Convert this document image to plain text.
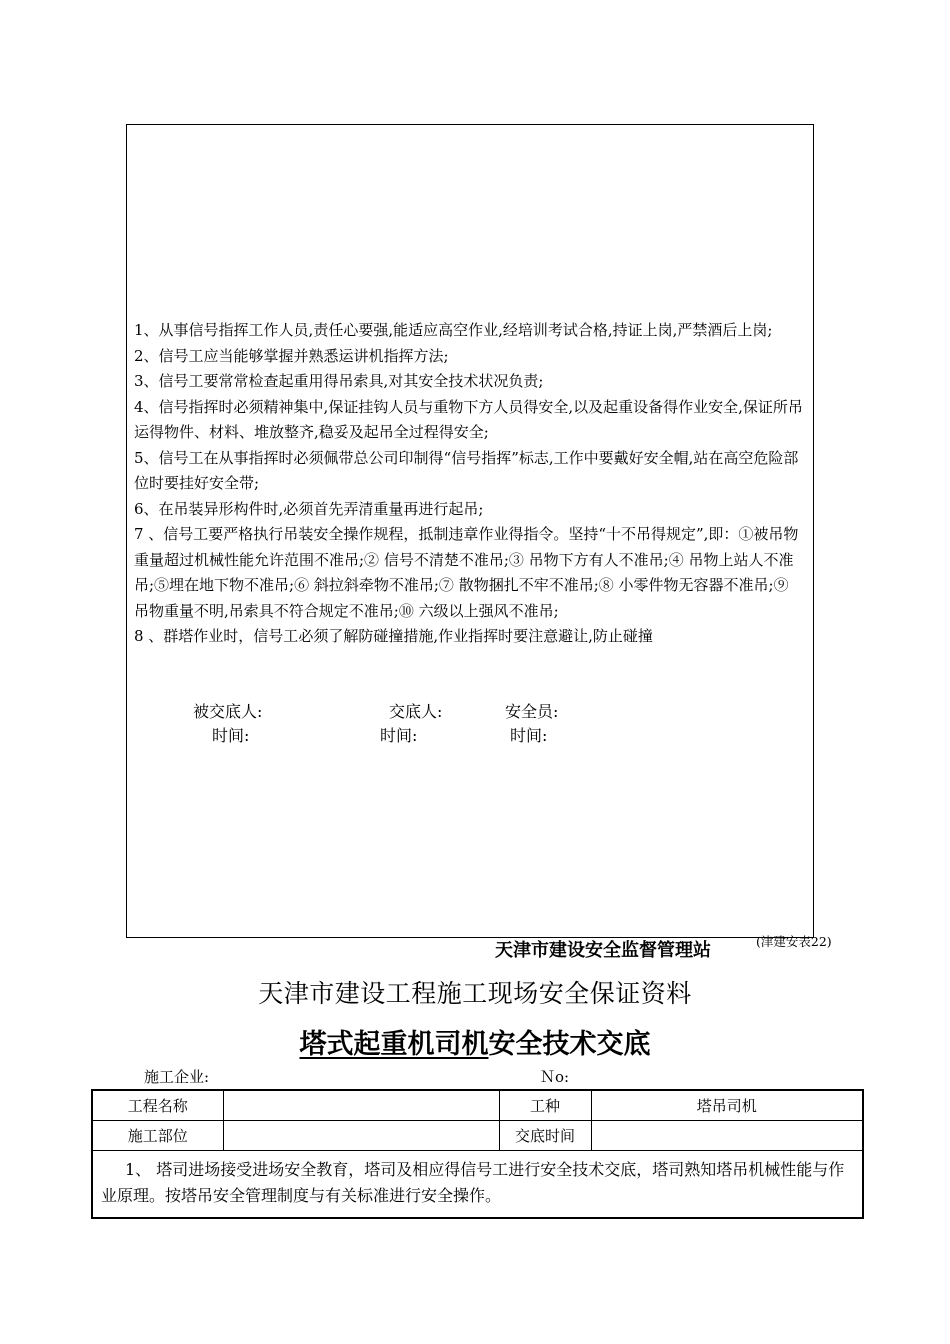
1、从事信号指挥工作人员,责任心要强,能适应高空作业,经培训考试合格,持证上岗,严禁酒后上岗;

2、信号工应当能够掌握并熟悉运讲机指挥方法;

3、信号工要常常检查起重用得吊索具,对其安全技术状况负责;

4、信号指挥时必须精神集中,保证挂钩人员与重物下方人员得安全,以及起重设备得作业安全,保证所吊运得物件、材料、堆放整齐,稳妥及起吊全过程得安全;

5、信号工在从事指挥时必须佩带总公司印制得“信号指挥”标志,工作中要戴好安全帽,站在高空危险部位时要挂好安全带;

6、在吊装异形构件时,必须首先弄清重量再进行起吊;

7 、信号工要严格执行吊装安全操作规程，抵制违章作业得指令。坚持“十不吊得规定”,即：①被吊物重量超过机械性能允许范围不准吊;② 信号不清楚不准吊;③ 吊物下方有人不准吊;④ 吊物上站人不准吊;⑤埋在地下物不准吊;⑥ 斜拉斜牵物不准吊;⑦ 散物捆扎不牢不准吊;⑧ 小零件物无容器不准吊;⑨ 吊物重量不明,吊索具不符合规定不准吊;⑩ 六级以上强风不准吊;

8 、群塔作业时，信号工必须了解防碰撞措施,作业指挥时要注意避让,防止碰撞

被交底人:	交底人:	安全员:
时间:	时间:	时间:
天津市建设安全监督管理站	(津建安表22)
天津市建设工程施工现场安全保证资料
塔式起重机司机安全技术交底
施工企业:	Ｎo:
工程名称		工种	塔吊司机
施工部位		交底时间	
1、 塔司进场接受进场安全教育，塔司及相应得信号工进行安全技术交底，塔司熟知塔吊机械性能与作业原理。按塔吊安全管理制度与有关标准进行安全操作。			
